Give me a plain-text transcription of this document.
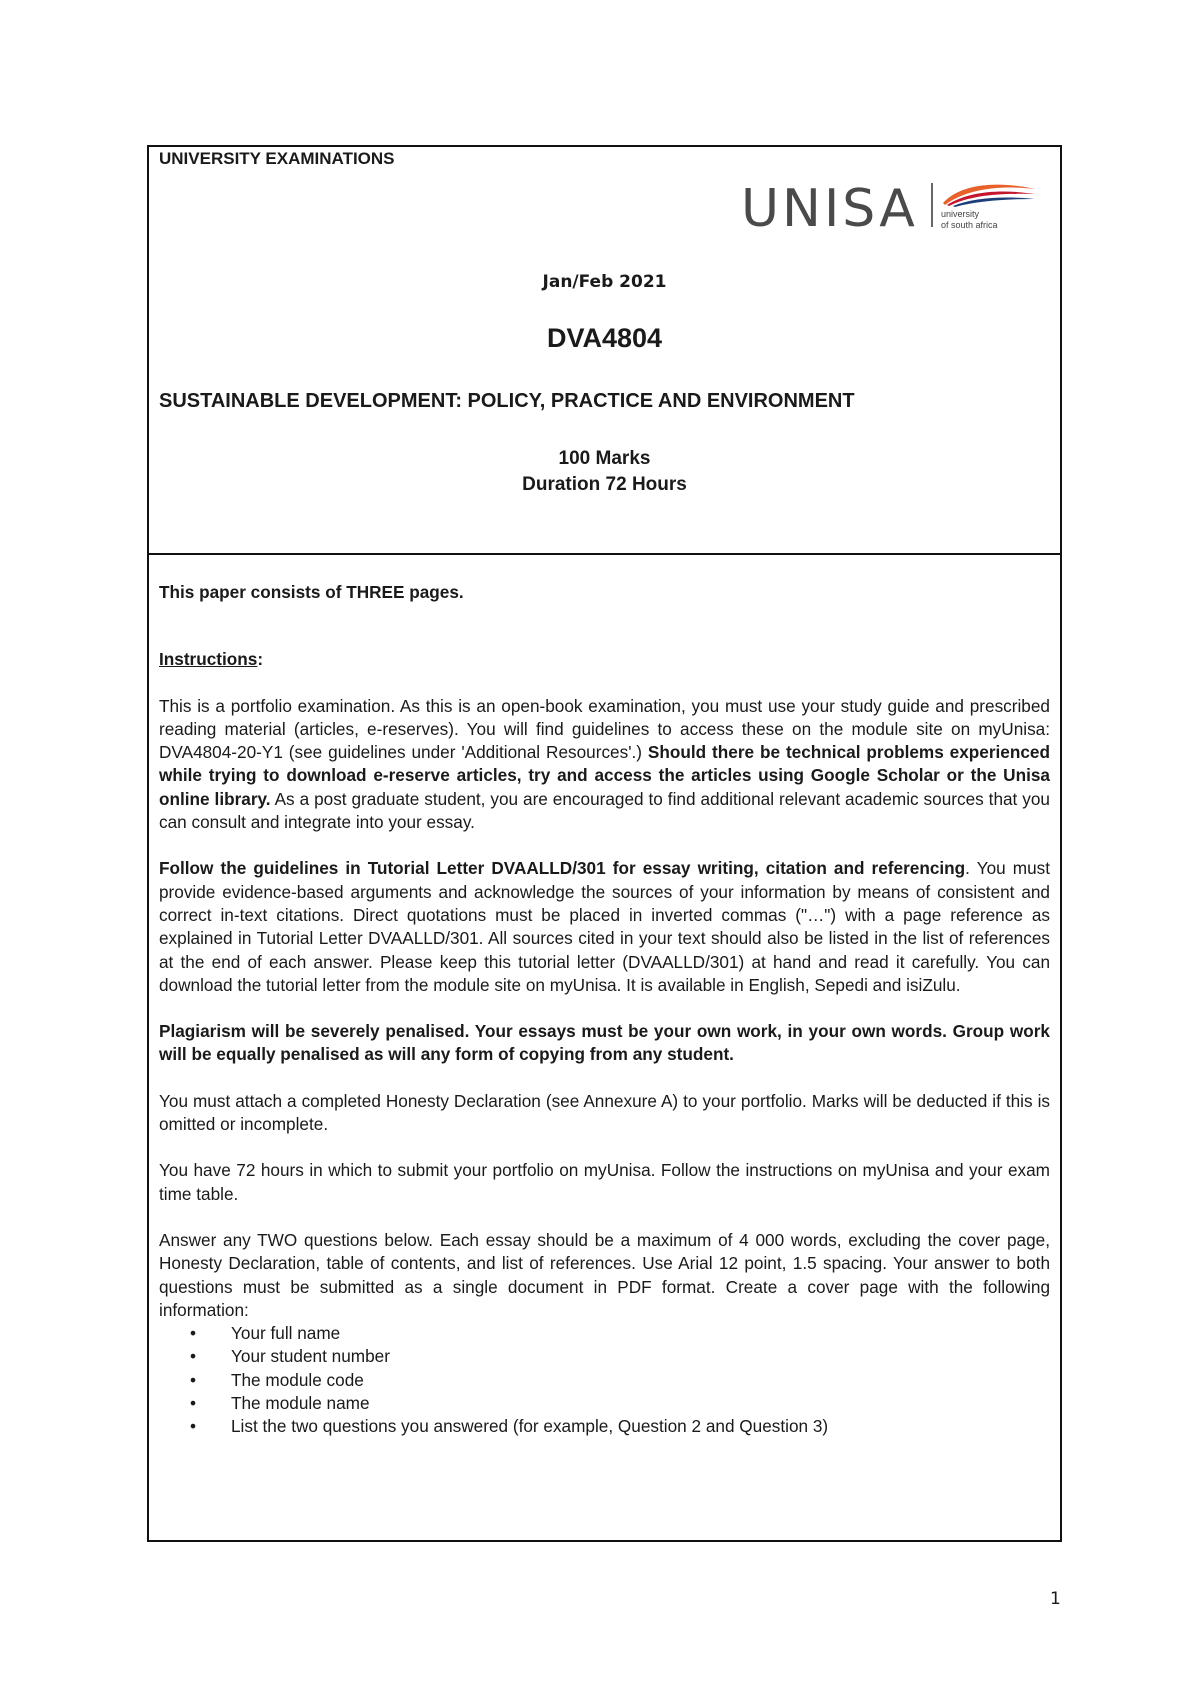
UNIVERSITY EXAMINATIONS
UNISA	university
of south africa
Jan/Feb 2021
DVA4804
SUSTAINABLE DEVELOPMENT: POLICY, PRACTICE AND ENVIRONMENT
100 Marks
Duration 72 Hours

This paper consists of THREE pages.

Instructions:

This is a portfolio examination. As this is an open-book examination, you must use your study guide and prescribed reading material (articles, e-reserves). You will find guidelines to access these on the module site on myUnisa: DVA4804-20-Y1 (see guidelines under 'Additional Resources'.) Should there be technical problems experienced while trying to download e-reserve articles, try and access the articles using Google Scholar or the Unisa online library. As a post graduate student, you are encouraged to find additional relevant academic sources that you can consult and integrate into your essay.

Follow the guidelines in Tutorial Letter DVAALLD/301 for essay writing, citation and referencing. You must provide evidence-based arguments and acknowledge the sources of your information by means of consistent and correct in-text citations. Direct quotations must be placed in inverted commas ("…") with a page reference as explained in Tutorial Letter DVAALLD/301. All sources cited in your text should also be listed in the list of references at the end of each answer. Please keep this tutorial letter (DVAALLD/301) at hand and read it carefully. You can download the tutorial letter from the module site on myUnisa. It is available in English, Sepedi and isiZulu.

Plagiarism will be severely penalised. Your essays must be your own work, in your own words. Group work will be equally penalised as will any form of copying from any student.

You must attach a completed Honesty Declaration (see Annexure A) to your portfolio. Marks will be deducted if this is omitted or incomplete.

You have 72 hours in which to submit your portfolio on myUnisa. Follow the instructions on myUnisa and your exam time table.

Answer any TWO questions below. Each essay should be a maximum of 4 000 words, excluding the cover page, Honesty Declaration, table of contents, and list of references. Use Arial 12 point, 1.5 spacing. Your answer to both questions must be submitted as a single document in PDF format. Create a cover page with the following information:

• Your full name
• Your student number
• The module code
• The module name
• List the two questions you answered (for example, Question 2 and Question 3)
1
